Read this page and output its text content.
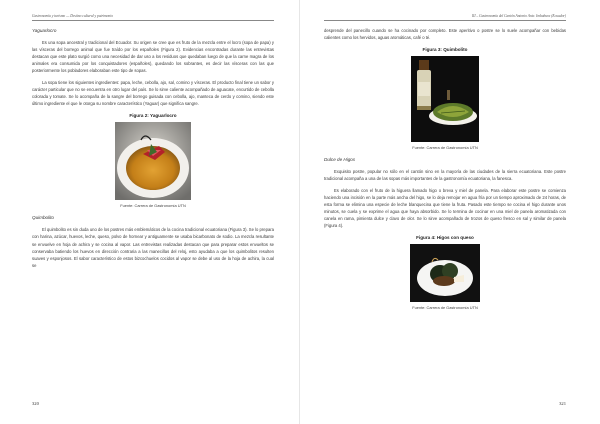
Gastronomía y turismo — Destino cultural y patrimonio
Yaguarlocro

Es una sopa ancestral y tradicional del Ecuador. Su origen se cree que es fruto de la mezcla entre el locro (sopa de papa) y las vísceras del borrego animal que fue traído por los españoles (Figura 2). Evidencias encontradas durante las entrevistas destacan que este plato surgió como una necesidad de dar uso a los residuos que quedaban luego de que la carne magra de los animales era consumida por los conquistadores (españoles), quedando los sobrantes, es decir las vísceras con las que posteriormente los pobladores elaboraban este tipo de sopas.

La sopa tiene los siguientes ingredientes: papa, leche, cebolla, ajo, sal, comino y vísceras. El producto final tiene un sabor y carácter particular que no se encuentra en otro lugar del país. Se lo sirve caliente acompañado de aguacate, encurtido de cebolla colorada y tomate. Se lo acompaña de la sangre del borrego guisada con cebolla, ajo, manteca de cerdo y comino, siendo este último ingrediente el que le otorga su nombre característico (Yaguar) que significa sangre.

Figura 2: Yaguarlocro
Fuente: Carrera de Gastronomía UTN
Quimbolito

El quimbolito es sin duda uno de los postres más emblemáticos de la cocina tradicional ecuatoriana (Figura 3). Se lo prepara con harina, azúcar, huevos, leche, queso, polvo de hornear y antiguamente se usaba bicarbonato de sodio. La mezcla resultante se envuelve en hoja de achira y se cocina al vapor. Las entrevistas realizadas destacan que para preparar estos envueltos se conservaba batiendo los huevos en dirección contraria a las manecillas del reloj, esto ayudaba a que los quimbolitos resulten suaves y esponjosos. El sabor característico de estos bizcochuelos cocidos al vapor se debe al uso de la hoja de achira, la cual se

320
III – Gastronomía del Cantón Antonio Ante. Imbabura (Ecuador)

desprende del panecillo cuando se ha cocinado por completo. Este aperitivo o postre se lo suele acompañar con bebidas calientes como los hervidos, aguas aromáticas, café o té.

Figura 3: Quimbolito
Fuente: Carrera de Gastronomía UTN
Dulce de Higos

Exquisito postre, popular no sólo en el cantón sino en la mayoría de las ciudades de la sierra ecuatoriana. Este postre tradicional acompaña a una de las sopas más importantes de la gastronomía ecuatoriana, la fanesca.

Es elaborado con el fruto de la higuera llamado higo o breva y miel de panela. Para elaborar este postre se comienza haciendo una incisión en la parte más ancha del higo, se lo deja remojar en agua fría por un tiempo aproximado de 24 horas, de esta forma se elimina una especie de leche blanquecina que tiene la fruta. Pasado este tiempo se cocina el higo durante unos minutos, se cuela y se exprime el agua que haya absorbido. Se lo termina de cocinar en una miel de panela aromatizada con canela en rama, pimienta dulce y clavo de olor. Se lo sirve acompañado de trozos de queso fresco en sal y similar de panela (Figura 4).

Figura 4: Higos con queso
Fuente: Carrera de Gastronomía UTN
321
